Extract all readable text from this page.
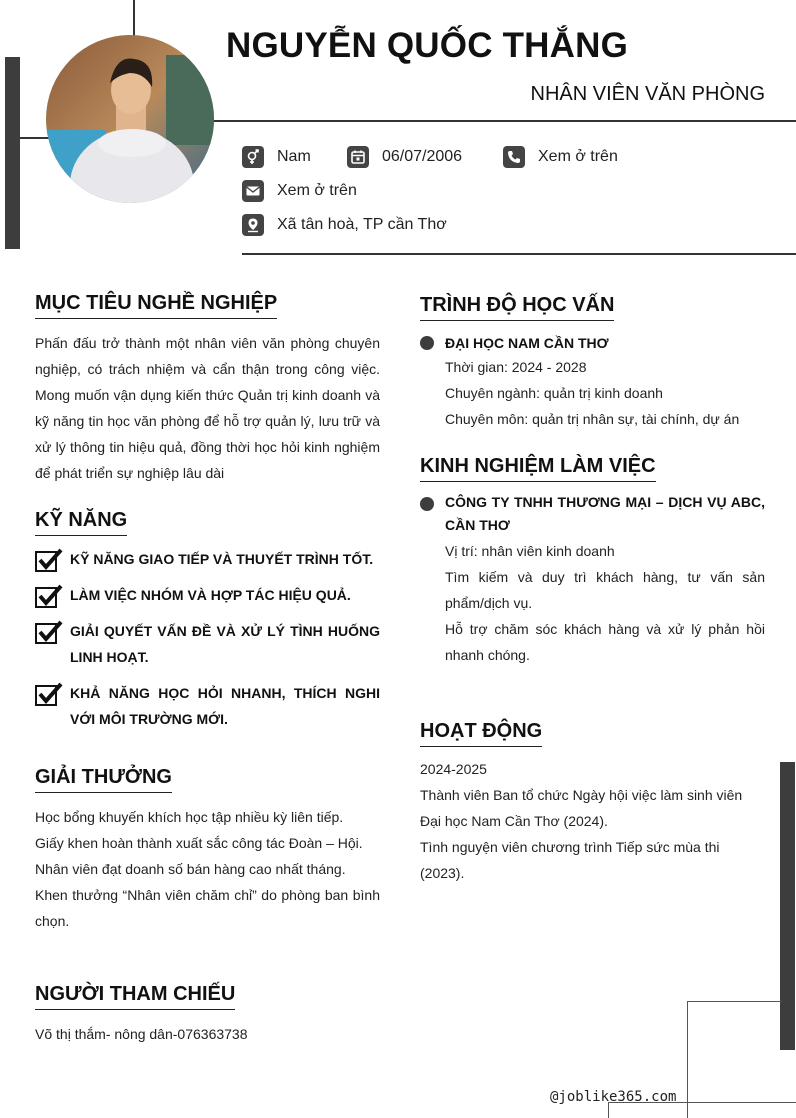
NGUYỄN QUỐC THẮNG
NHÂN VIÊN VĂN PHÒNG
Nam	06/07/2006	Xem ở trên
Xem ở trên
Xã tân hoà, TP cần Thơ
MỤC TIÊU NGHỀ NGHIỆP
Phấn đấu trở thành một nhân viên văn phòng chuyên nghiệp, có trách nhiệm và cẩn thận trong công việc. Mong muốn vận dụng kiến thức Quản trị kinh doanh và kỹ năng tin học văn phòng để hỗ trợ quản lý, lưu trữ và xử lý thông tin hiệu quả, đồng thời học hỏi kinh nghiệm để phát triển sự nghiệp lâu dài
KỸ NĂNG
KỸ NĂNG GIAO TIẾP VÀ THUYẾT TRÌNH TỐT.
LÀM VIỆC NHÓM VÀ HỢP TÁC HIỆU QUẢ.
GIẢI QUYẾT VẤN ĐỀ VÀ XỬ LÝ TÌNH HUỐNG LINH HOẠT.
KHẢ NĂNG HỌC HỎI NHANH, THÍCH NGHI VỚI MÔI TRƯỜNG MỚI.
GIẢI THƯỞNG
Học bổng khuyến khích học tập nhiều kỳ liên tiếp.
Giấy khen hoàn thành xuất sắc công tác Đoàn – Hội.
Nhân viên đạt doanh số bán hàng cao nhất tháng.
Khen thưởng “Nhân viên chăm chỉ” do phòng ban bình chọn.
NGƯỜI THAM CHIẾU
Võ thị thắm- nông dân-076363738
TRÌNH ĐỘ HỌC VẤN
ĐẠI HỌC NAM CẦN THƠ
Thời gian: 2024 - 2028
Chuyên ngành: quản trị kinh doanh
Chuyên môn: quản trị nhân sự, tài chính, dự án
KINH NGHIỆM LÀM VIỆC
CÔNG TY TNHH THƯƠNG MẠI – DỊCH VỤ ABC, CẦN THƠ
Vị trí: nhân viên kinh doanh
Tìm kiếm và duy trì khách hàng, tư vấn sản phẩm/dịch vụ.
Hỗ trợ chăm sóc khách hàng và xử lý phản hồi nhanh chóng.
HOẠT ĐỘNG
2024-2025
Thành viên Ban tổ chức Ngày hội việc làm sinh viên Đại học Nam Cần Thơ (2024).
Tình nguyện viên chương trình Tiếp sức mùa thi (2023).
@joblike365.com
